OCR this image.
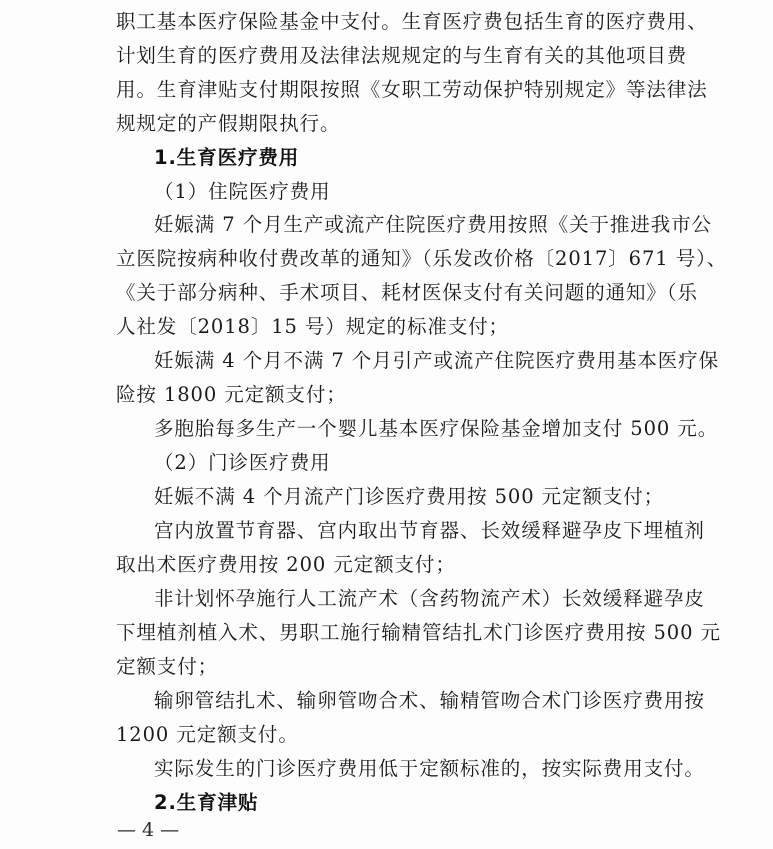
职工基本医疗保险基金中支付。生育医疗费包括生育的医疗费用、
计划生育的医疗费用及法律法规规定的与生育有关的其他项目费
用。生育津贴支付期限按照《女职工劳动保护特别规定》等法律法
规规定的产假期限执行。
1.生育医疗费用
（1）住院医疗费用
妊娠满 7 个月生产或流产住院医疗费用按照《关于推进我市公
立医院按病种收付费改革的通知》（乐发改价格〔2017〕671 号）、
《关于部分病种、手术项目、耗材医保支付有关问题的通知》（乐
人社发〔2018〕15 号）规定的标准支付；
妊娠满 4 个月不满 7 个月引产或流产住院医疗费用基本医疗保
险按 1800 元定额支付；
多胞胎每多生产一个婴儿基本医疗保险基金增加支付 500 元。
（2）门诊医疗费用
妊娠不满 4 个月流产门诊医疗费用按 500 元定额支付；
宫内放置节育器、宫内取出节育器、长效缓释避孕皮下埋植剂
取出术医疗费用按 200 元定额支付；
非计划怀孕施行人工流产术（含药物流产术）长效缓释避孕皮
下埋植剂植入术、男职工施行输精管结扎术门诊医疗费用按 500 元
定额支付；
输卵管结扎术、输卵管吻合术、输精管吻合术门诊医疗费用按
1200 元定额支付。
实际发生的门诊医疗费用低于定额标准的，按实际费用支付。
2.生育津贴
— 4 —
